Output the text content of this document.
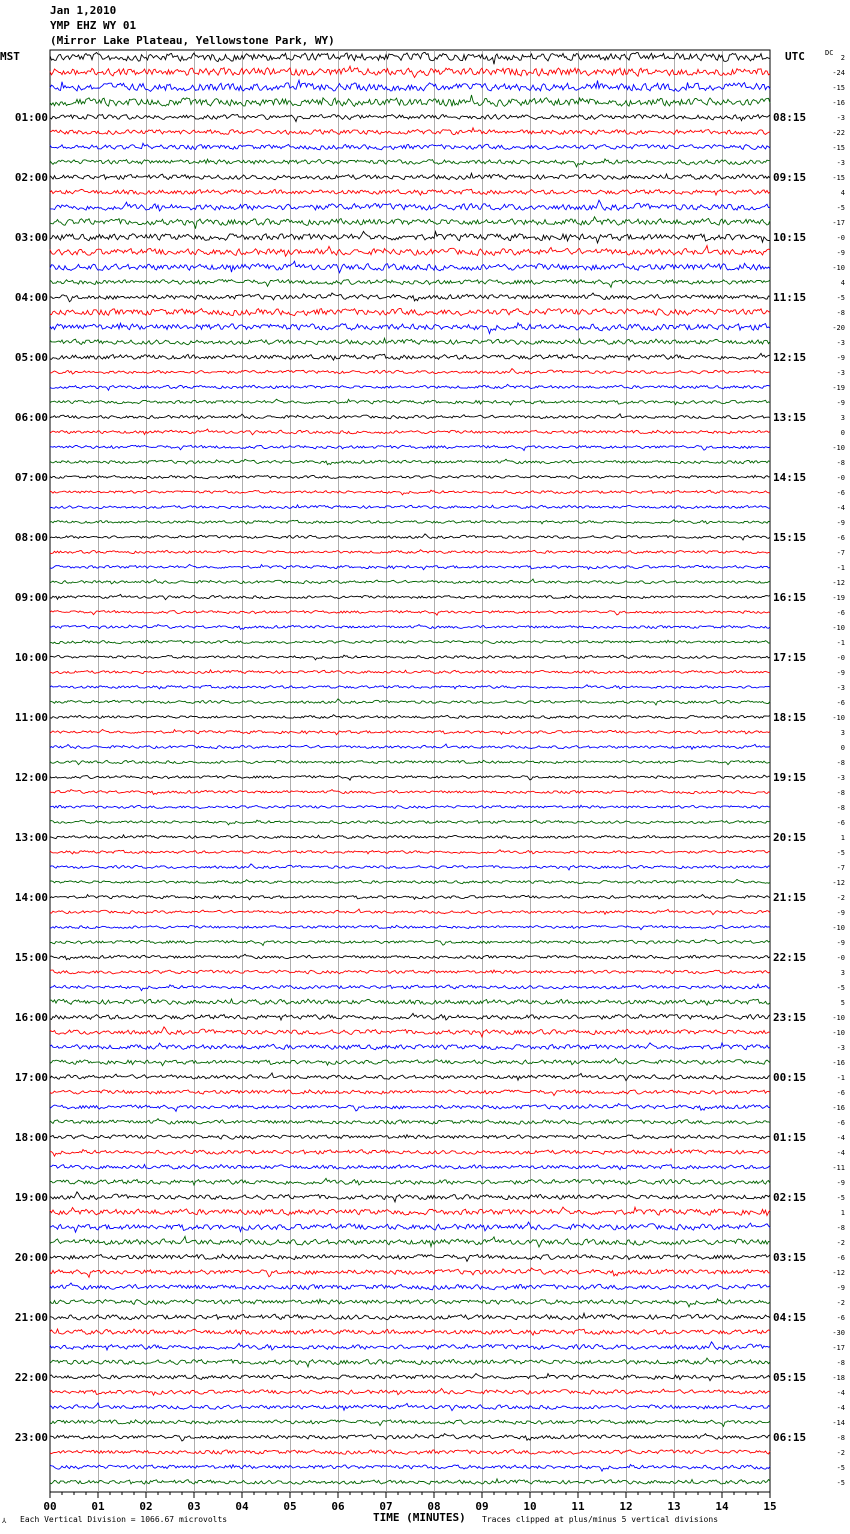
Jan 1,2010
YMP EHZ WY 01
(Mirror Lake Plateau, Yellowstone Park, WY)
MST	UTC	DC
00	01	02	03	04	05	06	07	08	09	10	11	12	13	14	15
2
-24
-15
-16
-3
-22
-15
-3
-15
4
-5
-17
-0
-9
-10
4
-5
-8
-20
-3
-9
-3
-19
-9
3
0
-10
-8
-0
-6
-4
-9
-6
-7
-1
-12
-19
-6
-10
-1
-0
-9
-3
-6
-10
3
0
-8
-3
-8
-8
-6
1
-5
-7
-12
-2
-9
-10
-9
-0
3
-5
5
-10
-10
-3
-16
-1
-6
-16
-6
-4
-4
-11
-9
-5
1
-8
-2
-6
-12
-9
-2
-6
-30
-17
-8
-18
-4
-4
-14
-8
-2
-5
-5
01:00
02:00
03:00
04:00
05:00
06:00
07:00
08:00
09:00
10:00
11:00
12:00
13:00
14:00
15:00
16:00
17:00
18:00
19:00
20:00
21:00
22:00
23:00
08:15
09:15
10:15
11:15
12:15
13:15
14:15
15:15
16:15
17:15
18:15
19:15
20:15
21:15
22:15
23:15
00:15
01:15
02:15
03:15
04:15
05:15
06:15
⅄ Each Vertical Division = 1066.67 microvolts	TIME (MINUTES) Traces clipped at plus/minus 5 vertical divisions
